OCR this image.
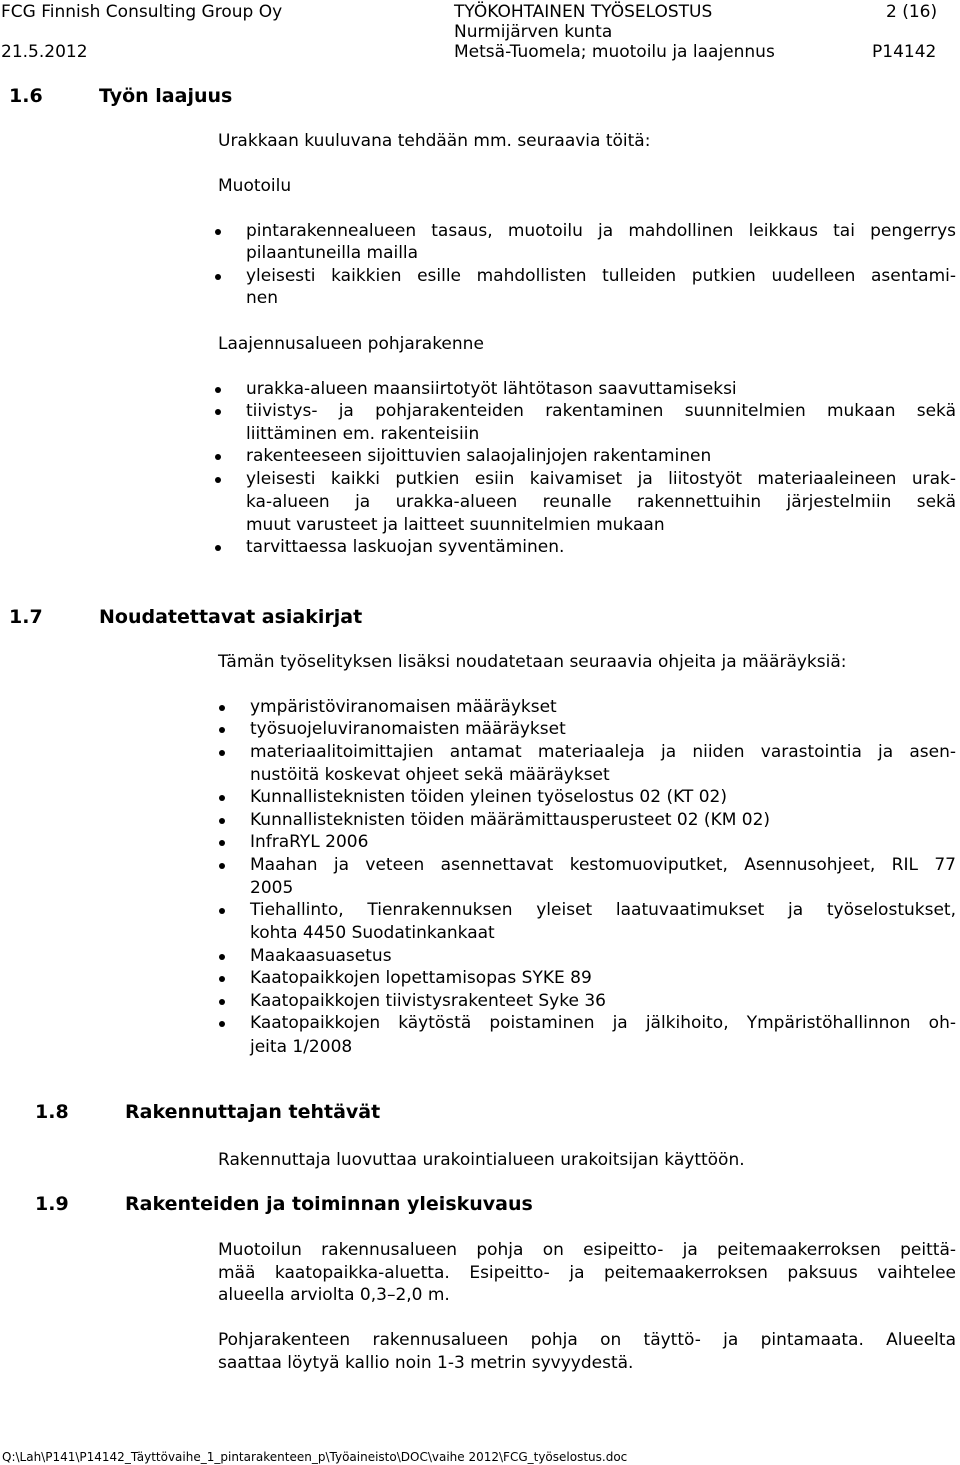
FCG Finnish Consulting Group Oy	TYÖKOHTAINEN TYÖSELOSTUS	2 (16)
Nurmijärven kunta
21.5.2012	Metsä-Tuomela; muotoilu ja laajennus	P14142
1.6	Työn laajuus
Urakkaan kuuluvana tehdään mm. seuraavia töitä:
Muotoilu
pintarakennealueen tasaus, muotoilu ja mahdollinen leikkaus tai pengerrys
pilaantuneilla mailla
yleisesti kaikkien esille mahdollisten tulleiden putkien uudelleen asentami-
nen
Laajennusalueen pohjarakenne
urakka-alueen maansiirtotyöt lähtötason saavuttamiseksi
tiivistys- ja pohjarakenteiden rakentaminen suunnitelmien mukaan sekä
liittäminen em. rakenteisiin
rakenteeseen sijoittuvien salaojalinjojen rakentaminen
yleisesti kaikki putkien esiin kaivamiset ja liitostyöt materiaaleineen urak-
ka-alueen ja urakka-alueen reunalle rakennettuihin järjestelmiin sekä
muut varusteet ja laitteet suunnitelmien mukaan
tarvittaessa laskuojan syventäminen.
1.7	Noudatettavat asiakirjat
Tämän työselityksen lisäksi noudatetaan seuraavia ohjeita ja määräyksiä:
ympäristöviranomaisen määräykset
työsuojeluviranomaisten määräykset
materiaalitoimittajien antamat materiaaleja ja niiden varastointia ja asen-
nustöitä koskevat ohjeet sekä määräykset
Kunnallisteknisten töiden yleinen työselostus 02 (KT 02)
Kunnallisteknisten töiden määrämittausperusteet 02 (KM 02)
InfraRYL 2006
Maahan ja veteen asennettavat kestomuoviputket, Asennusohjeet, RIL 77
2005
Tiehallinto, Tienrakennuksen yleiset laatuvaatimukset ja työselostukset,
kohta 4450 Suodatinkankaat
Maakaasuasetus
Kaatopaikkojen lopettamisopas SYKE 89
Kaatopaikkojen tiivistysrakenteet Syke 36
Kaatopaikkojen käytöstä poistaminen ja jälkihoito, Ympäristöhallinnon oh-
jeita 1/2008
1.8	Rakennuttajan tehtävät
Rakennuttaja luovuttaa urakointialueen urakoitsijan käyttöön.
1.9	Rakenteiden ja toiminnan yleiskuvaus
Muotoilun rakennusalueen pohja on esipeitto- ja peitemaakerroksen peittä-
mää kaatopaikka-aluetta. Esipeitto- ja peitemaakerroksen paksuus vaihtelee
alueella arviolta 0,3–2,0 m.
Pohjarakenteen rakennusalueen pohja on täyttö- ja pintamaata. Alueelta
saattaa löytyä kallio noin 1-3 metrin syvyydestä.
Q:\Lah\P141\P14142_Täyttövaihe_1_pintarakenteen_p\Työaineisto\DOC\vaihe 2012\FCG_työselostus.doc
